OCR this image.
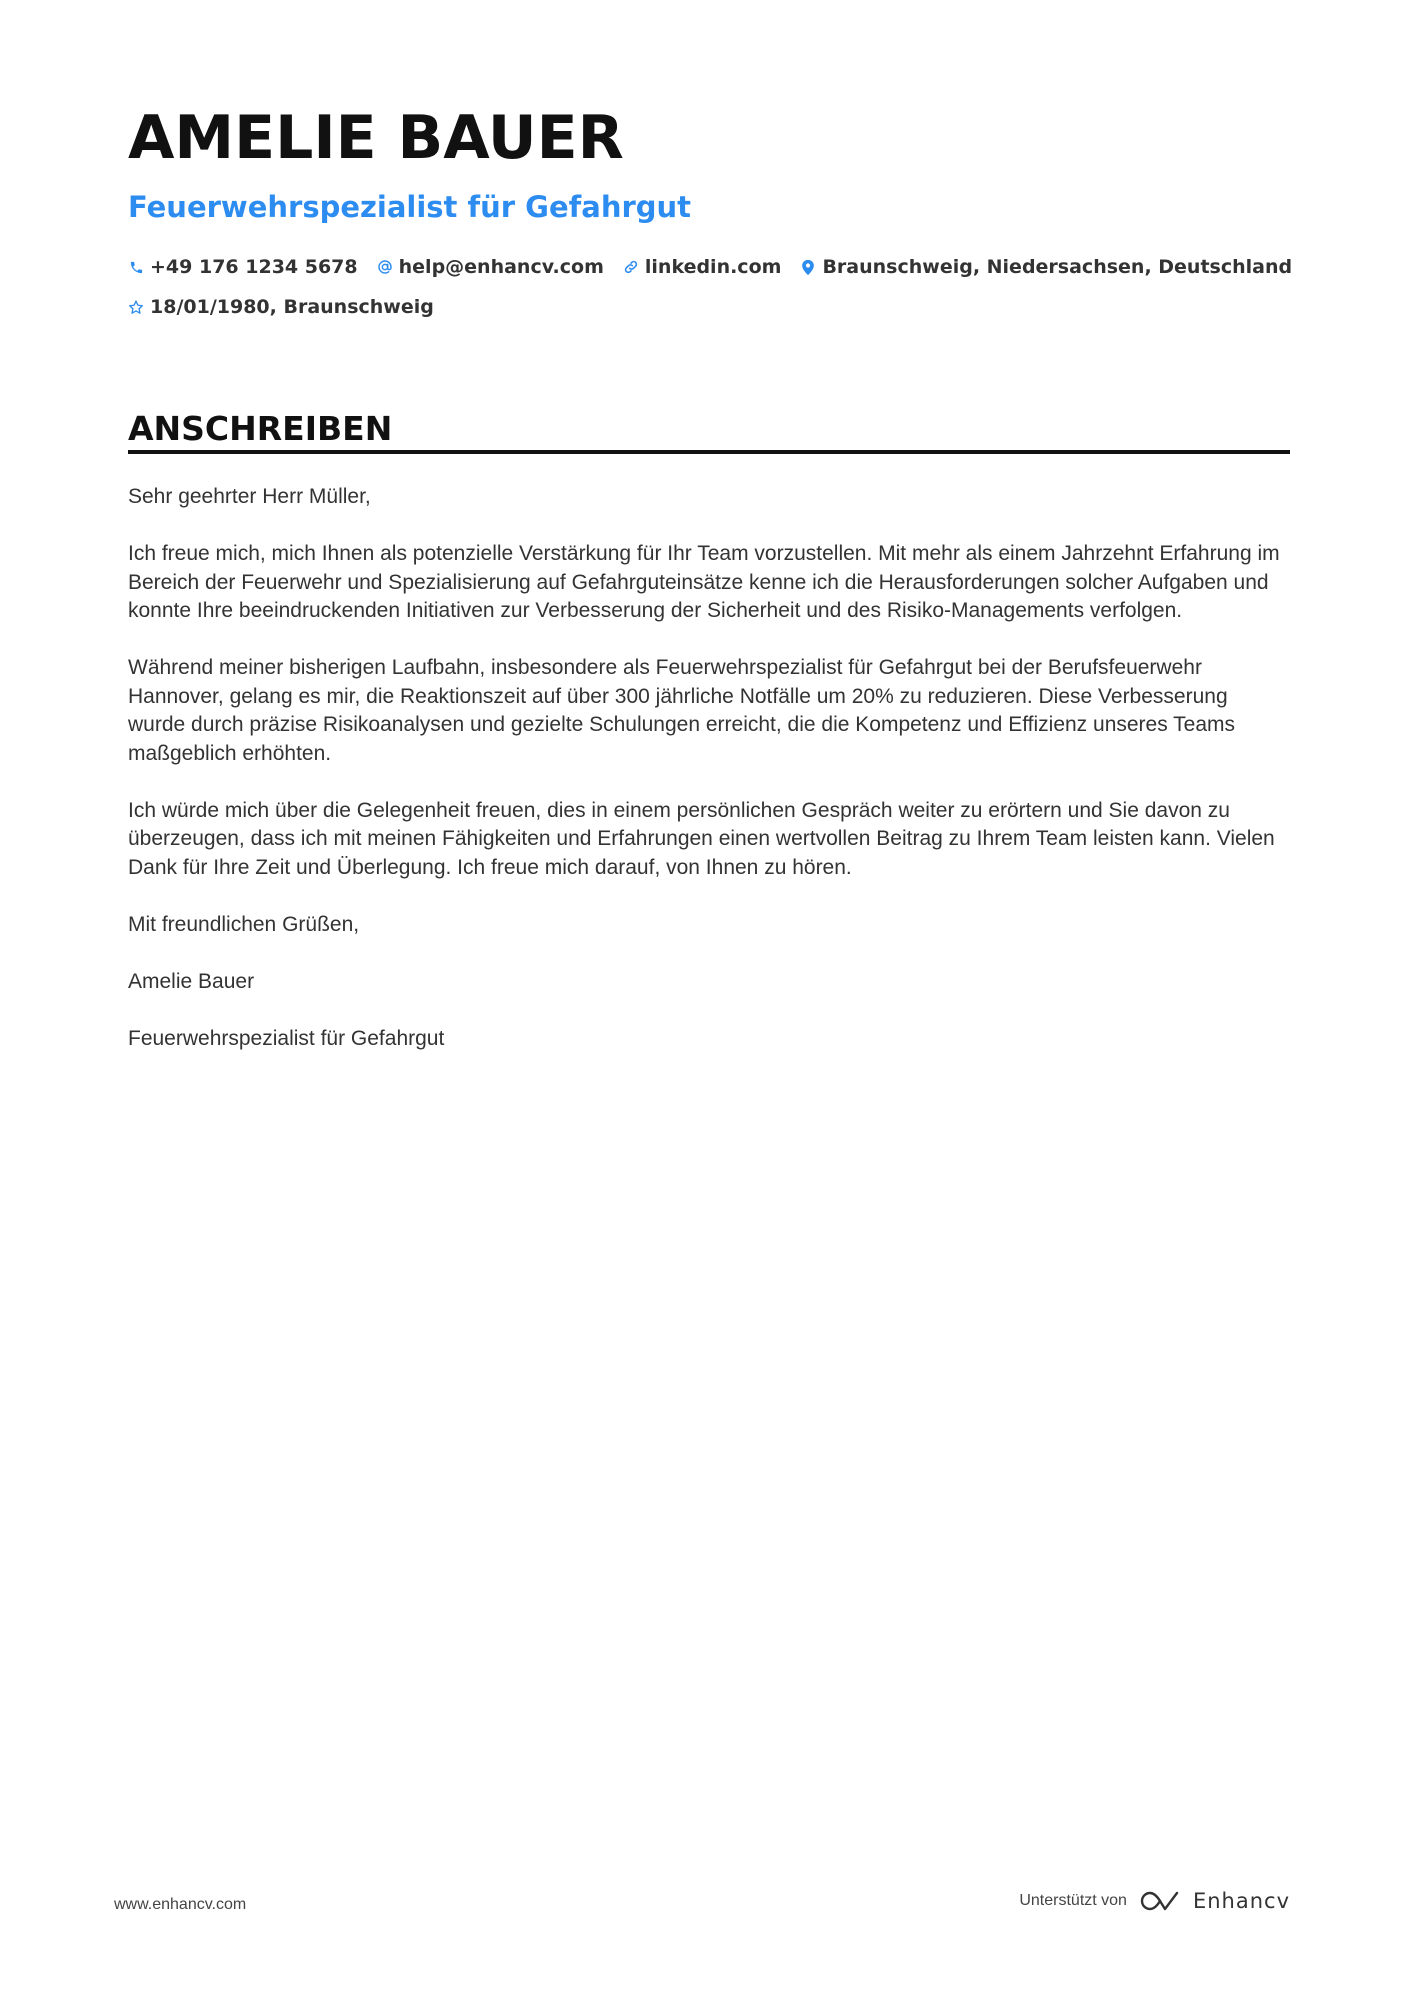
AMELIE BAUER
Feuerwehrspezialist für Gefahrgut
+49 176 1234 5678 help@enhancv.com linkedin.com Braunschweig, Niedersachsen, Deutschland
18/01/1980, Braunschweig
ANSCHREIBEN

Sehr geehrter Herr Müller,

Ich freue mich, mich Ihnen als potenzielle Verstärkung für Ihr Team vorzustellen. Mit mehr als einem Jahrzehnt Erfahrung im Bereich der Feuerwehr und Spezialisierung auf Gefahrguteinsätze kenne ich die Herausforderungen solcher Aufgaben und konnte Ihre beeindruckenden Initiativen zur Verbesserung der Sicherheit und des Risiko-Managements verfolgen.

Während meiner bisherigen Laufbahn, insbesondere als Feuerwehrspezialist für Gefahrgut bei der Berufsfeuerwehr Hannover, gelang es mir, die Reaktionszeit auf über 300 jährliche Notfälle um 20% zu reduzieren. Diese Verbesserung wurde durch präzise Risikoanalysen und gezielte Schulungen erreicht, die die Kompetenz und Effizienz unseres Teams maßgeblich erhöhten.

Ich würde mich über die Gelegenheit freuen, dies in einem persönlichen Gespräch weiter zu erörtern und Sie davon zu überzeugen, dass ich mit meinen Fähigkeiten und Erfahrungen einen wertvollen Beitrag zu Ihrem Team leisten kann. Vielen Dank für Ihre Zeit und Überlegung. Ich freue mich darauf, von Ihnen zu hören.

Mit freundlichen Grüßen,

Amelie Bauer

Feuerwehrspezialist für Gefahrgut

www.enhancv.com	Unterstützt von	Enhancv
